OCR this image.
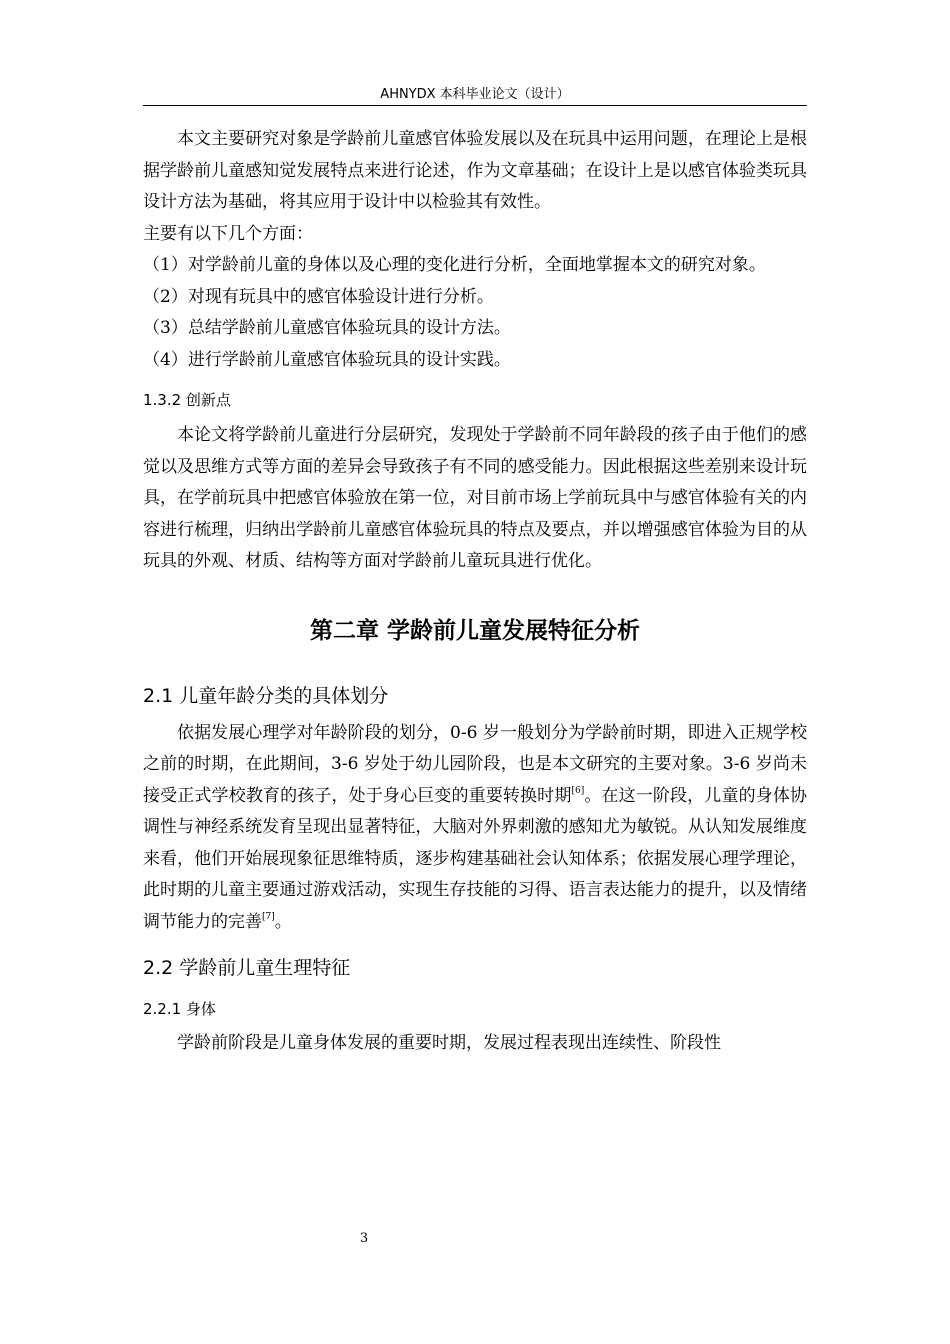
AHNYDX 本科毕业论文（设计）

本文主要研究对象是学龄前儿童感官体验发展以及在玩具中运用问题，在理论上是根据学龄前儿童感知觉发展特点来进行论述，作为文章基础；在设计上是以感官体验类玩具设计方法为基础，将其应用于设计中以检验其有效性。

主要有以下几个方面：

（1）对学龄前儿童的身体以及心理的变化进行分析，全面地掌握本文的研究对象。

（2）对现有玩具中的感官体验设计进行分析。

（3）总结学龄前儿童感官体验玩具的设计方法。

（4）进行学龄前儿童感官体验玩具的设计实践。

1.3.2 创新点

本论文将学龄前儿童进行分层研究，发现处于学龄前不同年龄段的孩子由于他们的感觉以及思维方式等方面的差异会导致孩子有不同的感受能力。因此根据这些差别来设计玩具，在学前玩具中把感官体验放在第一位，对目前市场上学前玩具中与感官体验有关的内容进行梳理，归纳出学龄前儿童感官体验玩具的特点及要点，并以增强感官体验为目的从玩具的外观、材质、结构等方面对学龄前儿童玩具进行优化。

第二章 学龄前儿童发展特征分析

2.1 儿童年龄分类的具体划分

依据发展心理学对年龄阶段的划分，0-6 岁一般划分为学龄前时期，即进入正规学校之前的时期，在此期间，3-6 岁处于幼儿园阶段，也是本文研究的主要对象。3-6 岁尚未接受正式学校教育的孩子，处于身心巨变的重要转换时期[6]。在这一阶段，儿童的身体协调性与神经系统发育呈现出显著特征，大脑对外界刺激的感知尤为敏锐。从认知发展维度来看，他们开始展现象征思维特质，逐步构建基础社会认知体系；依据发展心理学理论，此时期的儿童主要通过游戏活动，实现生存技能的习得、语言表达能力的提升，以及情绪调节能力的完善[7]。

2.2 学龄前儿童生理特征

2.2.1 身体

学龄前阶段是儿童身体发展的重要时期，发展过程表现出连续性、阶段性

3
